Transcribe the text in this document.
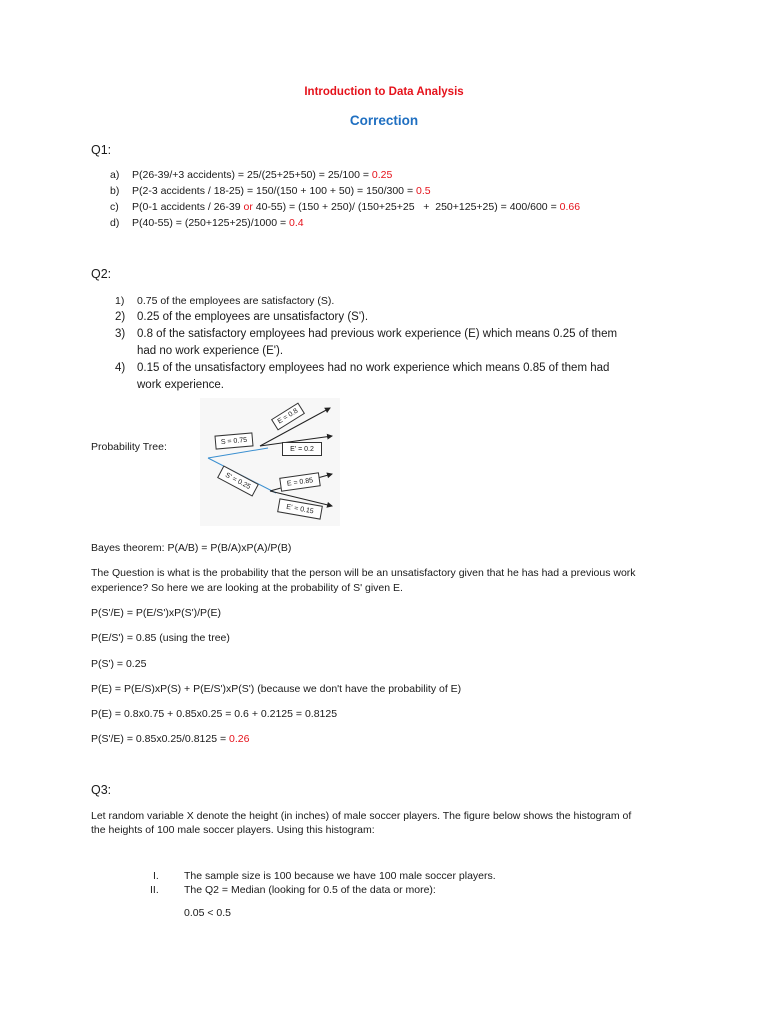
Introduction to Data Analysis
Correction
Q1:
a) P(26-39/+3 accidents) = 25/(25+25+50) = 25/100 = 0.25
b) P(2-3 accidents / 18-25) = 150/(150 + 100 + 50) = 150/300 = 0.5
c) P(0-1 accidents / 26-39 or 40-55) = (150 + 250)/ (150+25+25   +  250+125+25) = 400/600 = 0.66
d) P(40-55) = (250+125+25)/1000 = 0.4
Q2:
1) 0.75 of the employees are satisfactory (S).
2) 0.25 of the employees are unsatisfactory (S').
3) 0.8 of the satisfactory employees had previous work experience (E) which means 0.25 of them
had no work experience (E').
4) 0.15 of the unsatisfactory employees had no work experience which means 0.85 of them had
work experience.
Probability Tree:	S = 0.75
S' = 0.25
E = 0.8
E' = 0.2
E = 0.85
E' = 0.15
Bayes theorem: P(A/B) = P(B/A)xP(A)/P(B)
The Question is what is the probability that the person will be an unsatisfactory given that he has had a previous work
experience? So here we are looking at the probability of S' given E.
P(S'/E) = P(E/S')xP(S')/P(E)
P(E/S') = 0.85 (using the tree)
P(S') = 0.25
P(E) = P(E/S)xP(S) + P(E/S')xP(S') (because we don't have the probability of E)
P(E) = 0.8x0.75 + 0.85x0.25 = 0.6 + 0.2125 = 0.8125
P(S'/E) = 0.85x0.25/0.8125 = 0.26
Q3:
Let random variable X denote the height (in inches) of male soccer players. The figure below shows the histogram of
the heights of 100 male soccer players. Using this histogram:
I. The sample size is 100 because we have 100 male soccer players.
II. The Q2 = Median (looking for 0.5 of the data or more):
0.05 < 0.5
